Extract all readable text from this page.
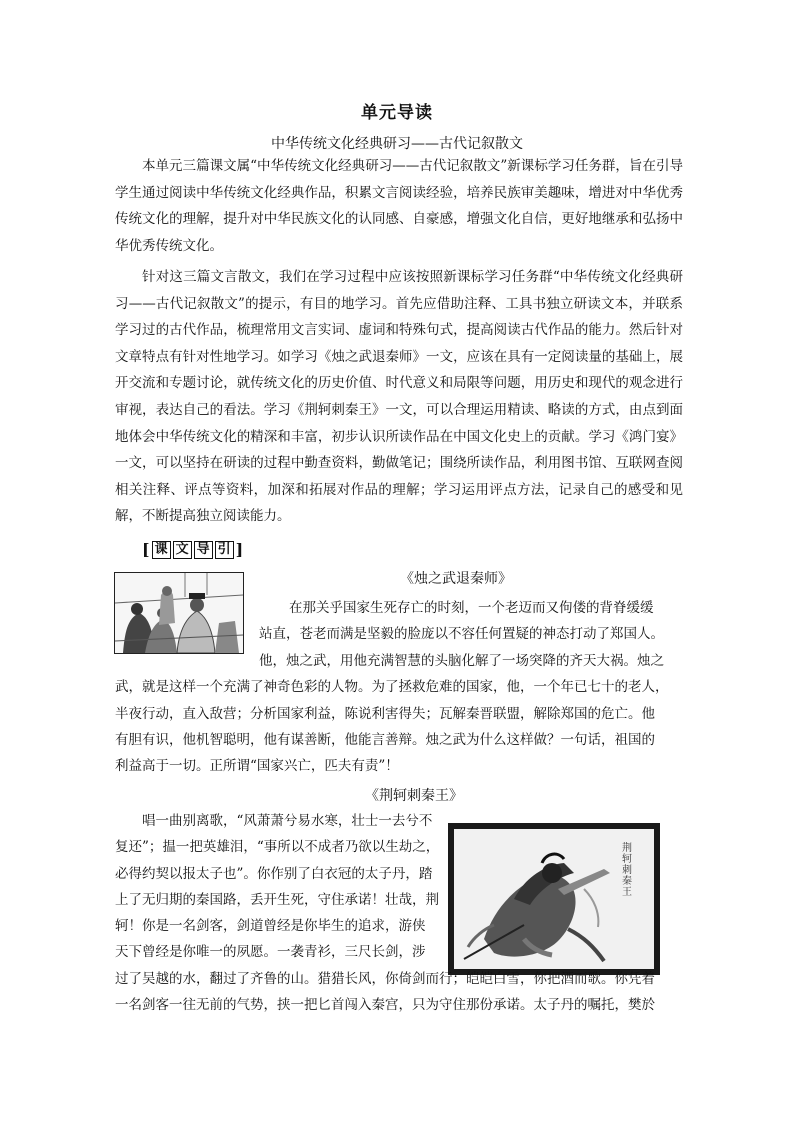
单元导读
中华传统文化经典研习——古代记叙散文

本单元三篇课文属“中华传统文化经典研习——古代记叙散文”新课标学习任务群，旨在引导学生通过阅读中华传统文化经典作品，积累文言阅读经验，培养民族审美趣味，增进对中华优秀传统文化的理解，提升对中华民族文化的认同感、自豪感，增强文化自信，更好地继承和弘扬中华优秀传统文化。

针对这三篇文言散文，我们在学习过程中应该按照新课标学习任务群“中华传统文化经典研习——古代记叙散文”的提示，有目的地学习。首先应借助注释、工具书独立研读文本，并联系学习过的古代作品，梳理常用文言实词、虚词和特殊句式，提高阅读古代作品的能力。然后针对文章特点有针对性地学习。如学习《烛之武退秦师》一文，应该在具有一定阅读量的基础上，展开交流和专题讨论，就传统文化的历史价值、时代意义和局限等问题，用历史和现代的观念进行审视，表达自己的看法。学习《荆轲刺秦王》一文，可以合理运用精读、略读的方式，由点到面地体会中华传统文化的精深和丰富，初步认识所读作品在中国文化史上的贡献。学习《鸿门宴》一文，可以坚持在研读的过程中勤查资料，勤做笔记；围绕所读作品，利用图书馆、互联网查阅相关注释、评点等资料，加深和拓展对作品的理解；学习运用评点方法，记录自己的感受和见解，不断提高独立阅读能力。

[ 课 文 导 引 ]
《烛之武退秦师》
在那关乎国家生死存亡的时刻，一个老迈而又佝偻的背脊缓缓
站直，苍老而满是坚毅的脸庞以不容任何置疑的神态打动了郑国人。
他，烛之武，用他充满智慧的头脑化解了一场突降的齐天大祸。烛之
武，就是这样一个充满了神奇色彩的人物。为了拯救危难的国家，他，一个年已七十的老人，
半夜行动，直入敌营；分析国家利益，陈说利害得失；瓦解秦晋联盟，解除郑国的危亡。他
有胆有识，他机智聪明，他有谋善断，他能言善辩。烛之武为什么这样做？一句话，祖国的
利益高于一切。正所谓“国家兴亡，匹夫有责”！
《荆轲刺秦王》
荆轲刺秦王
唱一曲别离歌，“风萧萧兮易水寒，壮士一去兮不
复还”；揾一把英雄泪，“事所以不成者乃欲以生劫之，
必得约契以报太子也”。你作别了白衣冠的太子丹，踏
上了无归期的秦国路，丢开生死，守住承诺！壮哉，荆
轲！你是一名剑客，剑道曾经是你毕生的追求，游侠
天下曾经是你唯一的夙愿。一袭青衫，三尺长剑，涉
过了吴越的水，翻过了齐鲁的山。猎猎长风，你倚剑而行；皑皑白雪，你把酒而歌。你凭着
一名剑客一往无前的气势，挟一把匕首闯入秦宫，只为守住那份承诺。太子丹的嘱托，樊於
